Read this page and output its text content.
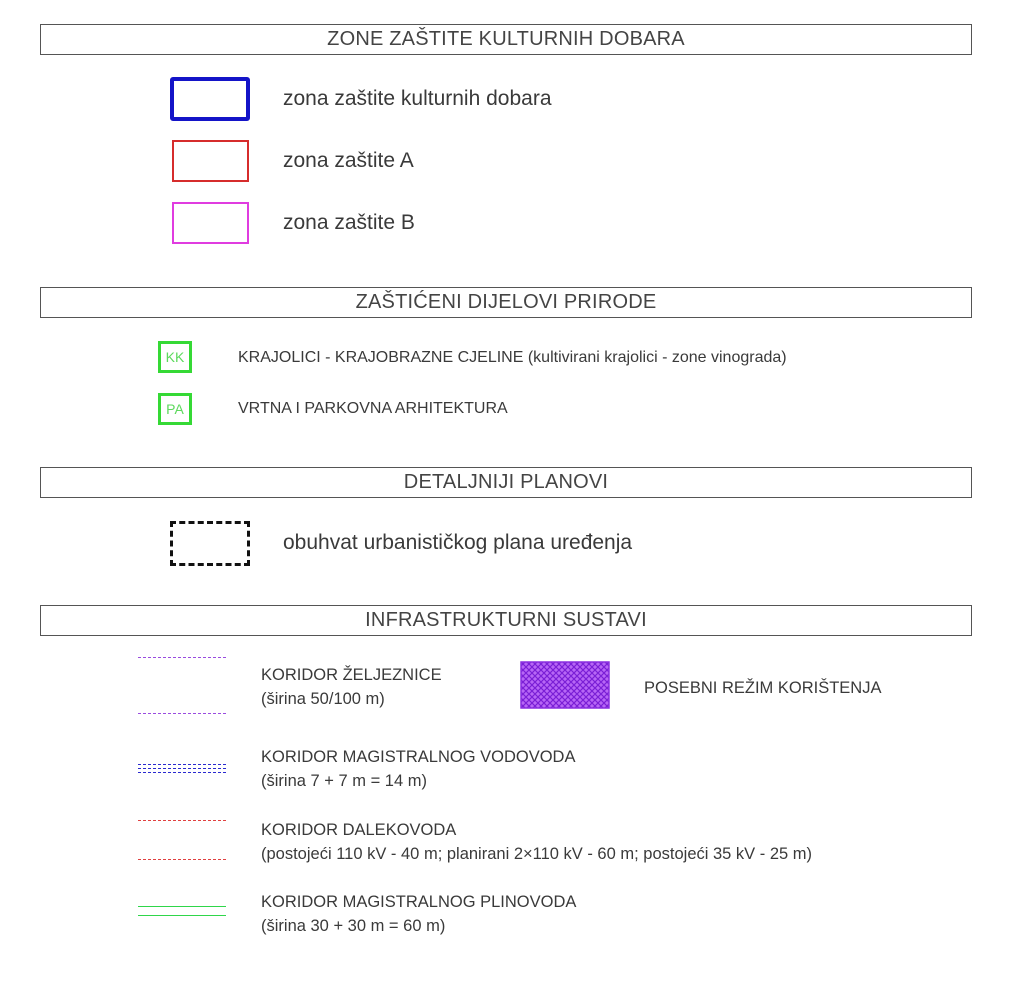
ZONE ZAŠTITE KULTURNIH DOBARA
zona zaštite kulturnih dobara
zona zaštite A
zona zaštite B
ZAŠTIĆENI DIJELOVI PRIRODE
KK	KRAJOLICI - KRAJOBRAZNE CJELINE (kultivirani krajolici - zone vinograda)
PA	VRTNA I PARKOVNA ARHITEKTURA
DETALJNIJI PLANOVI
obuhvat urbanističkog plana uređenja
INFRASTRUKTURNI SUSTAVI
KORIDOR ŽELJEZNICE
(širina 50/100 m)
POSEBNI REŽIM KORIŠTENJA
KORIDOR MAGISTRALNOG VODOVODA
(širina 7 + 7 m = 14 m)
KORIDOR DALEKOVODA
(postojeći 110 kV - 40 m; planirani 2×110 kV - 60 m; postojeći 35 kV - 25 m)
KORIDOR MAGISTRALNOG PLINOVODA
(širina 30 + 30 m = 60 m)
